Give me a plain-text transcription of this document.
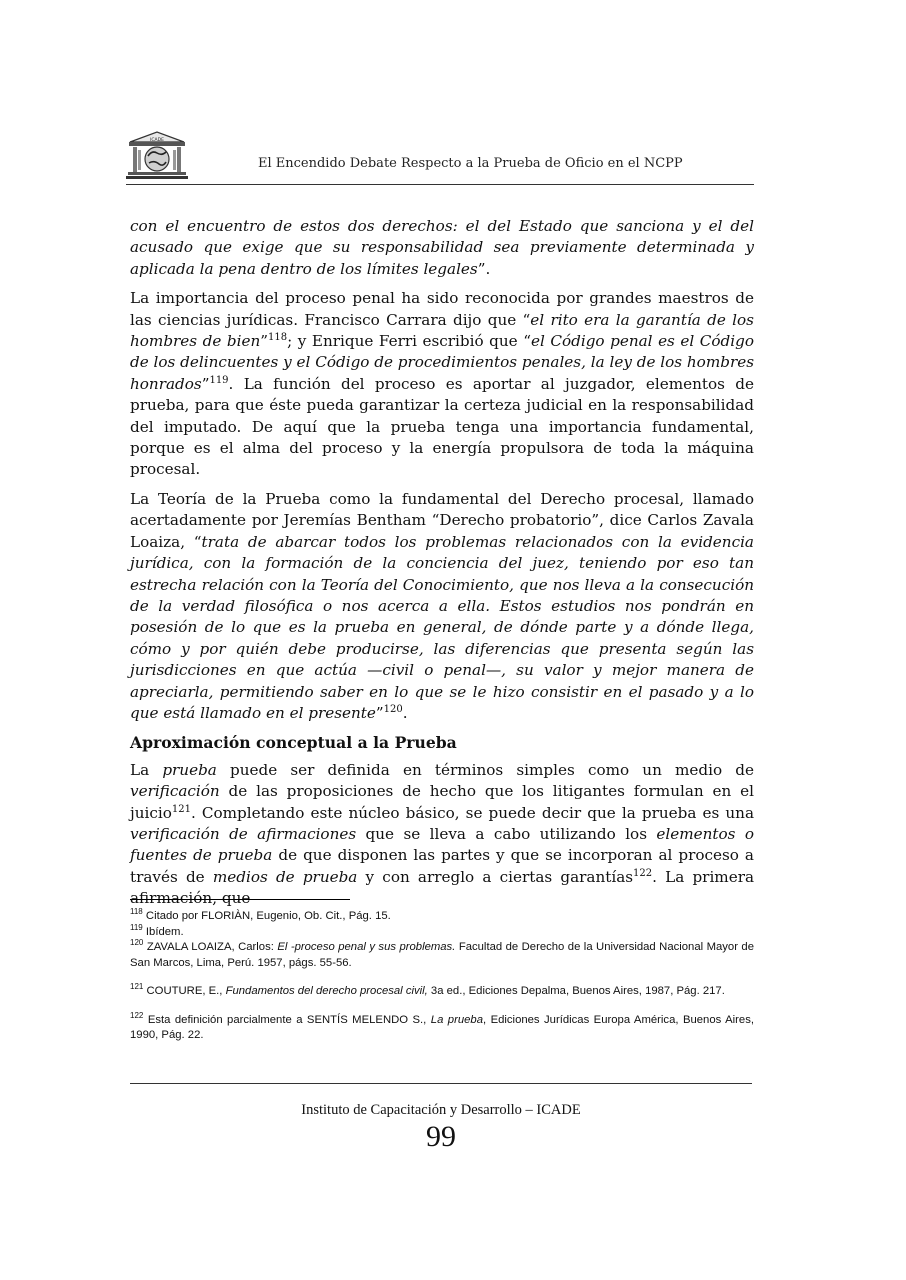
ICADE
El Encendido Debate Respecto a la Prueba de Oficio en el NCPP

con el encuentro de estos dos derechos: el del Estado que sanciona y el del acusado que exige que su responsabilidad sea previamente determinada y aplicada la pena dentro de los límites legales”.

La importancia del proceso penal ha sido reconocida por grandes maestros de las ciencias jurídicas. Francisco Carrara dijo que “el rito era la garantía de los hombres de bien”$^{118}$; y Enrique Ferri escribió que “el Código penal es el Código de los delincuentes y el Código de procedimientos penales, la ley de los hombres honrados”$^{119}$. La función del proceso es aportar al juzgador, elementos de prueba, para que éste pueda garantizar la certeza judicial en la responsabilidad del imputado. De aquí que la prueba tenga una importancia fundamental, porque es el alma del proceso y la energía propulsora de toda la máquina procesal.

La Teoría de la Prueba como la fundamental del Derecho procesal, llamado acertadamente por Jeremías Bentham “Derecho probatorio”, dice Carlos Zavala Loaiza, “trata de abarcar todos los problemas relacionados con la evidencia jurídica, con la formación de la conciencia del juez, teniendo por eso tan estrecha relación con la Teoría del Conocimiento, que nos lleva a la consecución de la verdad filosófica o nos acerca a ella. Estos estudios nos pondrán en posesión de lo que es la prueba en general, de dónde parte y a dónde llega, cómo y por quién debe producirse, las diferencias que presenta según las jurisdicciones en que actúa —civil o penal—, su valor y mejor manera de apreciarla, permitiendo saber en lo que se le hizo consistir en el pasado y a lo que está llamado en el presente”$^{120}$.

Aproximación conceptual a la Prueba

La prueba puede ser definida en términos simples como un medio de verificación de las proposiciones de hecho que los litigantes formulan en el juicio$^{121}$. Completando este núcleo básico, se puede decir que la prueba es una verificación de afirmaciones que se lleva a cabo utilizando los elementos o fuentes de prueba de que disponen las partes y que se incorporan al proceso a través de medios de prueba y con arreglo a ciertas garantías$^{122}$. La primera afirmación, que

$^{118}$ Citado por FLORIÀN, Eugenio, Ob. Cit., Pág. 15.

$^{119}$ Ibídem.

$^{120}$ ZAVALA LOAIZA, Carlos: El -proceso penal y sus problemas. Facultad de Derecho de la Universidad Nacional Mayor de San Marcos, Lima, Perú. 1957, págs. 55-56.

$^{121}$ COUTURE, E., Fundamentos del derecho procesal civil, 3a ed., Ediciones Depalma, Buenos Aires, 1987, Pág. 217.

$^{122}$ Esta definición parcialmente a SENTÍS MELENDO S., La prueba, Ediciones Jurídicas Europa América, Buenos Aires, 1990, Pág. 22.

Instituto de Capacitación y Desarrollo – ICADE
99
